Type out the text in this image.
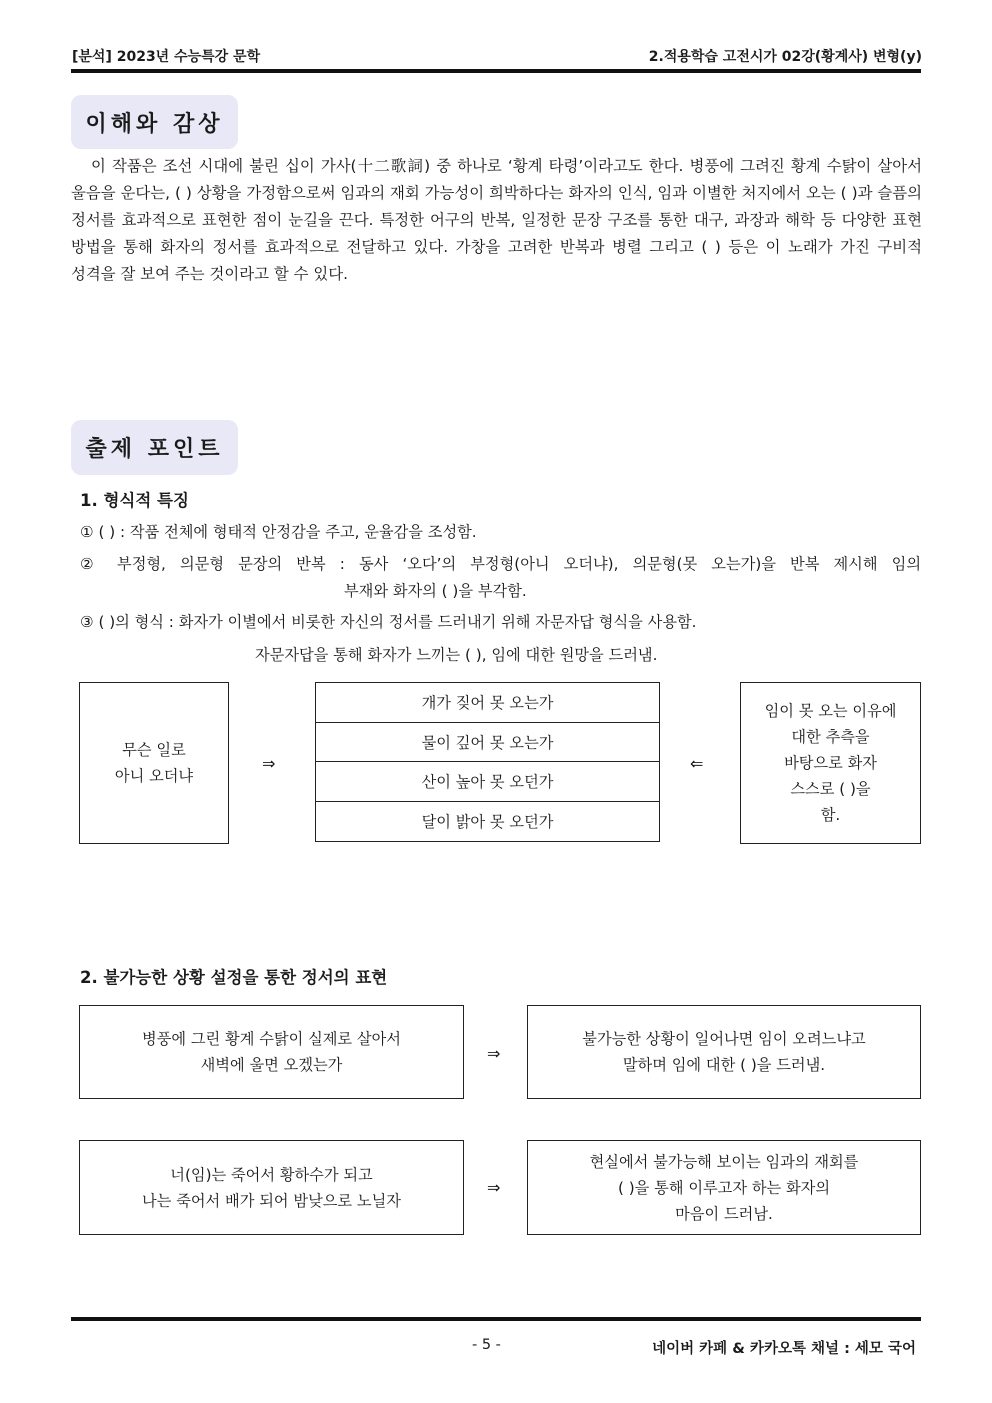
[분석] 2023년 수능특강 문학	2.적용학습 고전시가 02강(황계사) 변형(y)
이해와 감상
이 작품은 조선 시대에 불린 십이 가사(十二歌詞) 중 하나로 ‘황계 타령’이라고도 한다. 병풍에 그려진 황계 수탉이 살아서 울음을 운다는, ( ) 상황을 가정함으로써 임과의 재회 가능성이 희박하다는 화자의 인식, 임과 이별한 처지에서 오는 ( )과 슬픔의 정서를 효과적으로 표현한 점이 눈길을 끈다. 특정한 어구의 반복, 일정한 문장 구조를 통한 대구, 과장과 해학 등 다양한 표현 방법을 통해 화자의 정서를 효과적으로 전달하고 있다. 가창을 고려한 반복과 병렬 그리고 ( ) 등은 이 노래가 가진 구비적 성격을 잘 보여 주는 것이라고 할 수 있다.
출제 포인트
1. 형식적 특징
① ( ) : 작품 전체에 형태적 안정감을 주고, 운율감을 조성함.
② 부정형, 의문형 문장의 반복 : 동사 ‘오다’의 부정형(아니 오더냐), 의문형(못 오는가)을 반복 제시해 임의
부재와 화자의 ( )을 부각함.
③ ( )의 형식 : 화자가 이별에서 비롯한 자신의 정서를 드러내기 위해 자문자답 형식을 사용함.
자문자답을 통해 화자가 느끼는 ( ), 임에 대한 원망을 드러냄.
무슨 일로
아니 오더냐
⇒
개가 짖어 못 오는가
물이 깊어 못 오는가
산이 높아 못 오던가
달이 밝아 못 오던가
⇐
임이 못 오는 이유에
대한 추측을
바탕으로 화자
스스로 ( )을
함.
2. 불가능한 상황 설정을 통한 정서의 표현
병풍에 그린 황계 수탉이 실제로 살아서
새벽에 울면 오겠는가
⇒
불가능한 상황이 일어나면 임이 오려느냐고
말하며 임에 대한 ( )을 드러냄.
너(임)는 죽어서 황하수가 되고
나는 죽어서 배가 되어 밤낮으로 노닐자
⇒
현실에서 불가능해 보이는 임과의 재회를
( )을 통해 이루고자 하는 화자의
마음이 드러남.
- 5 -	네이버 카페 & 카카오톡 채널 : 세모 국어
